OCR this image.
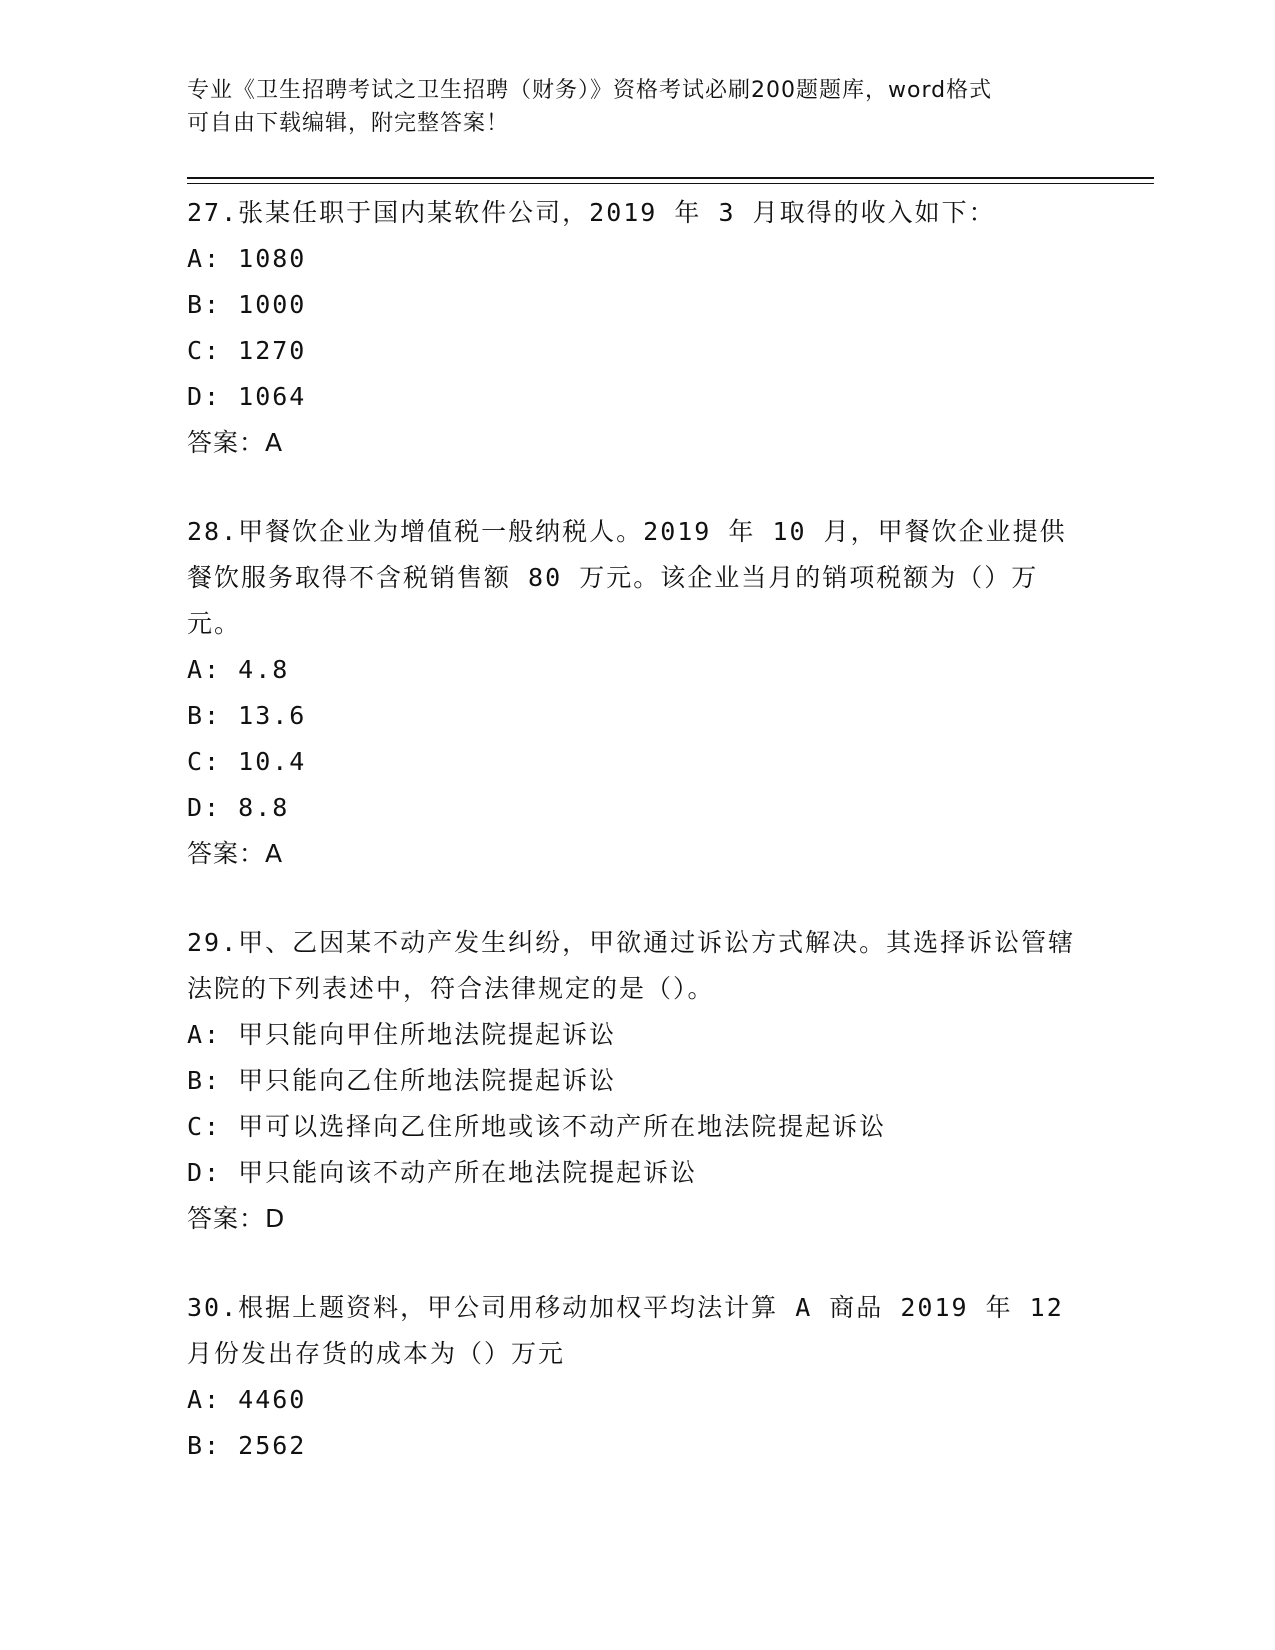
专业《卫生招聘考试之卫生招聘（财务）》资格考试必刷200题题库，word格式
可自由下载编辑，附完整答案！
27.张某任职于国内某软件公司，2019 年 3 月取得的收入如下：
A: 1080
B: 1000
C: 1270
D: 1064
答案：A
28.甲餐饮企业为增值税一般纳税人。2019 年 10 月，甲餐饮企业提供餐饮服务取得不含税销售额 80 万元。该企业当月的销项税额为（）万元。
A: 4.8
B: 13.6
C: 10.4
D: 8.8
答案：A
29.甲、乙因某不动产发生纠纷，甲欲通过诉讼方式解决。其选择诉讼管辖法院的下列表述中，符合法律规定的是（）。
A: 甲只能向甲住所地法院提起诉讼
B: 甲只能向乙住所地法院提起诉讼
C: 甲可以选择向乙住所地或该不动产所在地法院提起诉讼
D: 甲只能向该不动产所在地法院提起诉讼
答案：D
30.根据上题资料，甲公司用移动加权平均法计算 A 商品 2019 年 12 月份发出存货的成本为（）万元
A: 4460
B: 2562
